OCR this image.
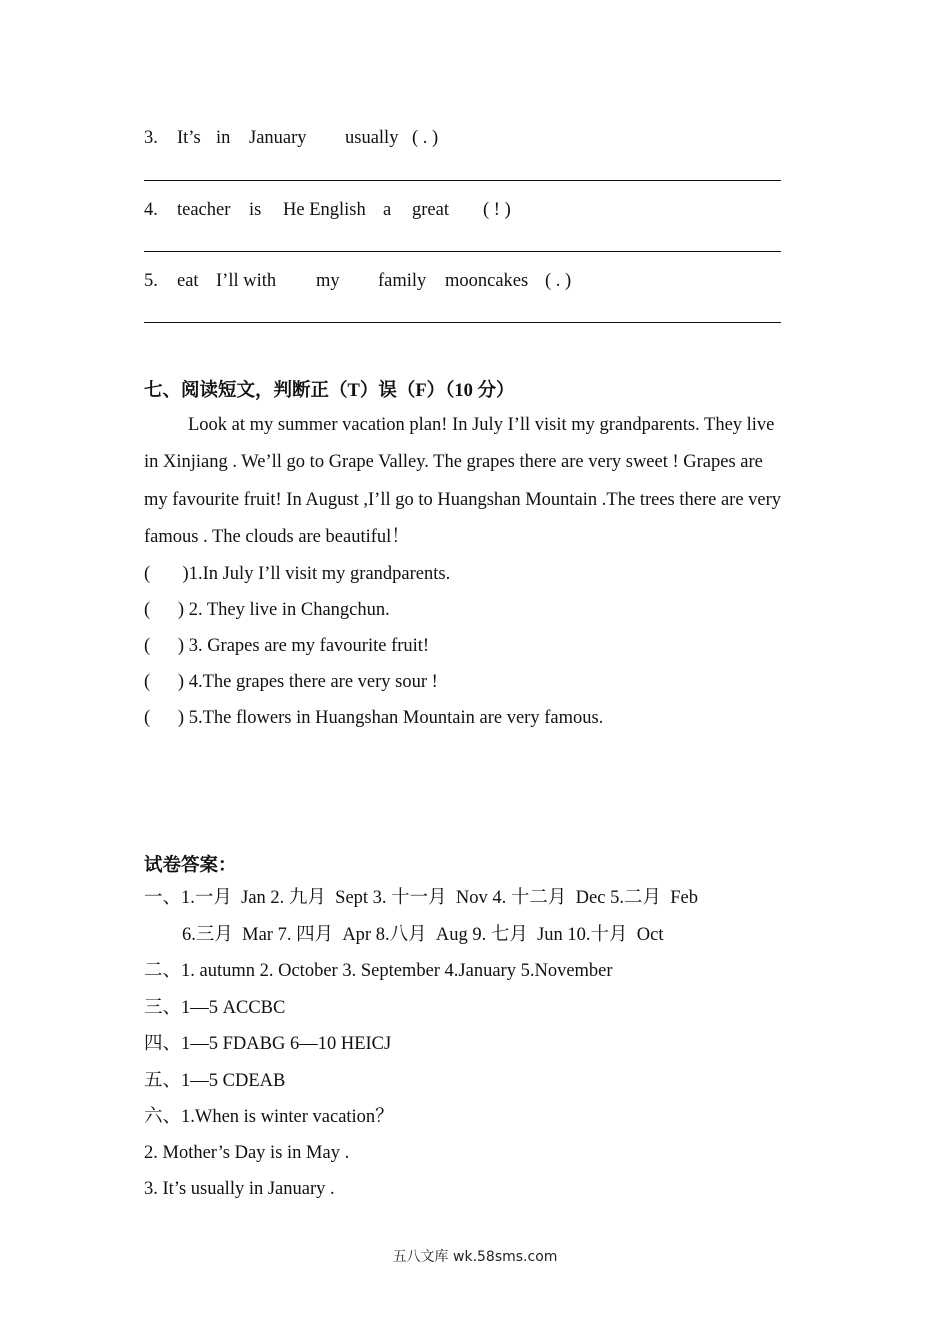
3. It’s in January usually ( . )
4. teacher is He English a great ( ! )
5. eat I’ll with my family mooncakes ( . )
七、阅读短文，判断正（T）误（F）（10 分）
Look at my summer vacation plan! In July I’ll visit my grandparents. They live
in Xinjiang . We’ll go to Grape Valley. The grapes there are very sweet ! Grapes are
my favourite fruit! In August ,I’ll go to Huangshan Mountain .The trees there are very
famous . The clouds are beautiful！
(       )1.In July I’ll visit my grandparents.
(      ) 2. They live in Changchun.
(      ) 3. Grapes are my favourite fruit!
(      ) 4.The grapes there are very sour !
(      ) 5.The flowers in Huangshan Mountain are very famous.
试卷答案：
一、1.一月  Jan 2. 九月  Sept 3. 十一月  Nov 4. 十二月  Dec 5.二月  Feb
6.三月  Mar 7. 四月  Apr 8.八月  Aug 9. 七月  Jun 10.十月  Oct
二、1. autumn 2. October 3. September 4.January 5.November
三、1—5 ACCBC
四、1—5 FDABG 6—10 HEICJ
五、1—5 CDEAB
六、1.When is winter vacation？
2. Mother’s Day is in May .
3. It’s usually in January .
五八文库 wk.58sms.com
